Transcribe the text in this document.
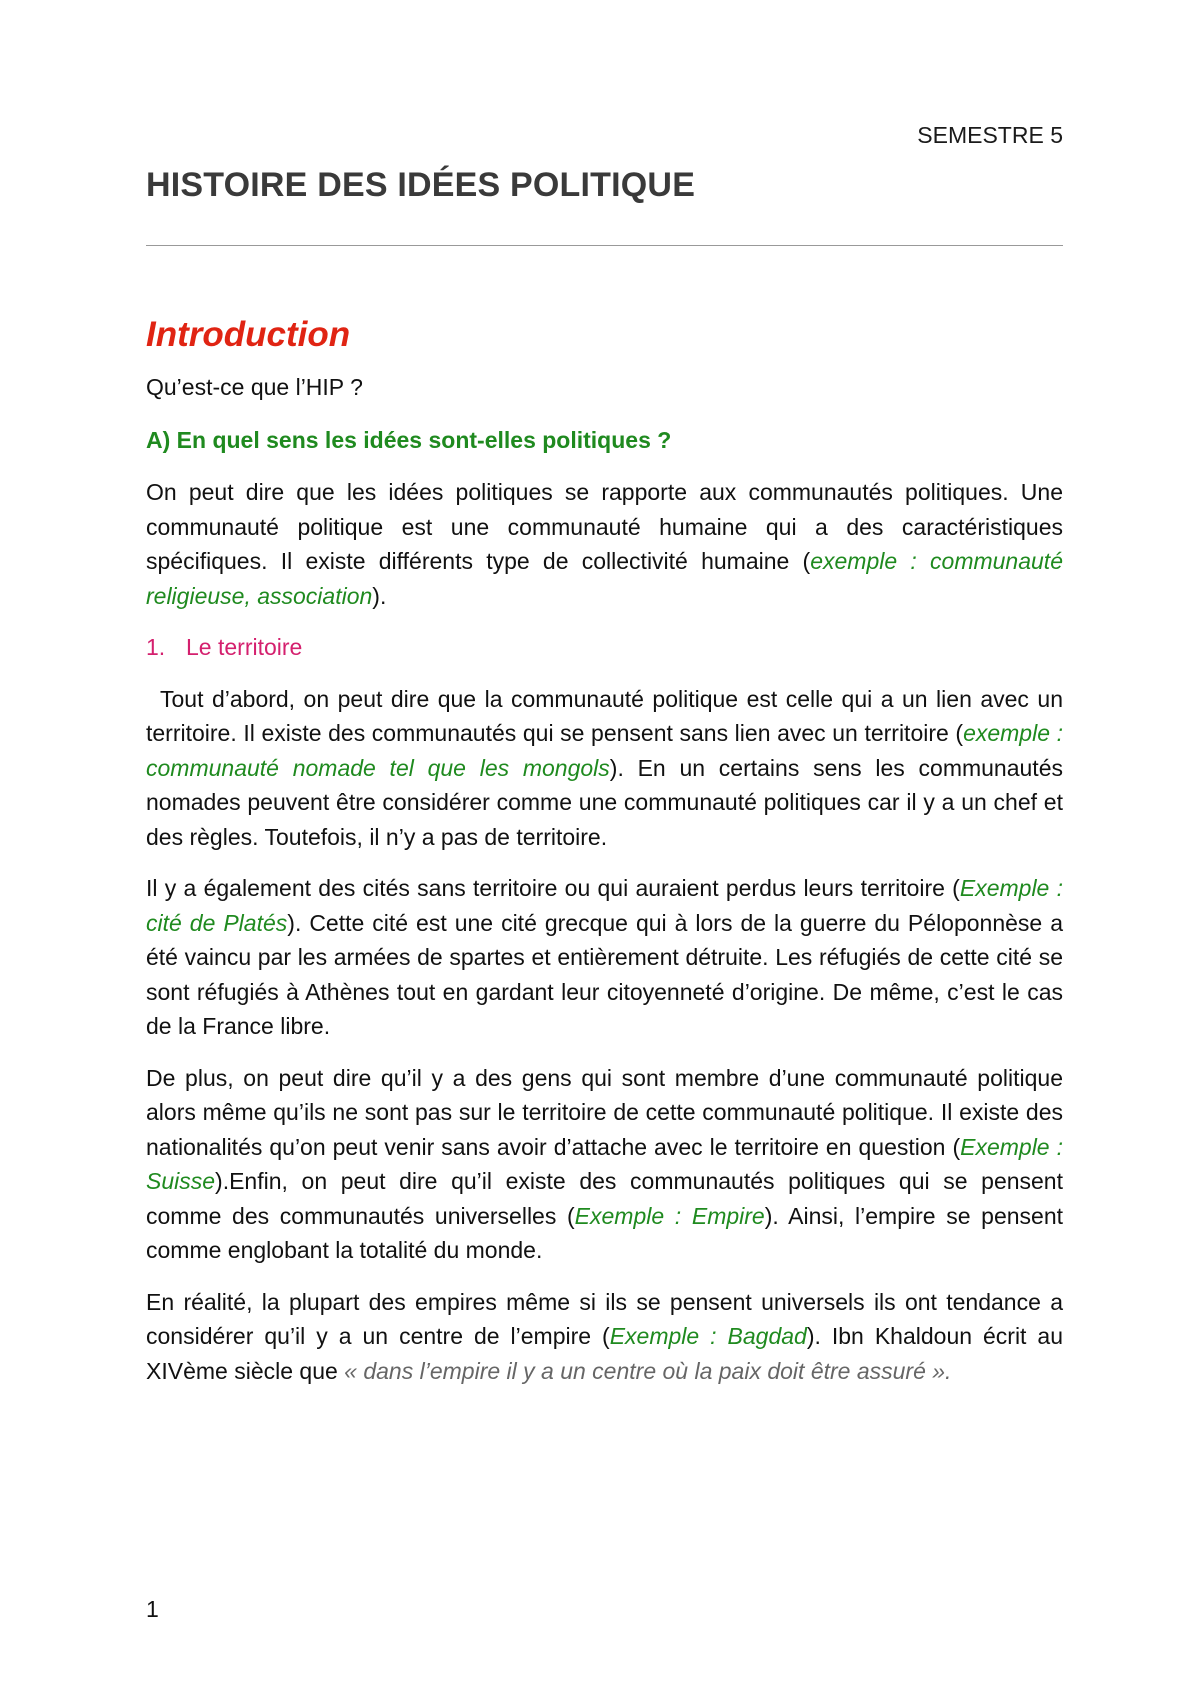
SEMESTRE 5
HISTOIRE DES IDÉES POLITIQUE
Introduction

Qu’est-ce que l’HIP ?

A) En quel sens les idées sont-elles politiques ?

On peut dire que les idées politiques se rapporte aux communautés politiques. Une communauté politique est une communauté humaine qui a des caractéristiques spécifiques. Il existe différents type de collectivité humaine (exemple : communauté religieuse, association).

1. Le territoire

Tout d’abord, on peut dire que la communauté politique est celle qui a un lien avec un territoire. Il existe des communautés qui se pensent sans lien avec un territoire (exemple : communauté nomade tel que les mongols). En un certains sens les communautés nomades peuvent être considérer comme une communauté politiques car il y a un chef et des règles. Toutefois, il n’y a pas de territoire.

Il y a également des cités sans territoire ou qui auraient perdus leurs territoire (Exemple : cité de Platés). Cette cité est une cité grecque qui à lors de la guerre du Péloponnèse a été vaincu par les armées de spartes et entièrement détruite. Les réfugiés de cette cité se sont réfugiés à Athènes tout en gardant leur citoyenneté d’origine. De même, c’est le cas de la France libre.

De plus, on peut dire qu’il y a des gens qui sont membre d’une communauté politique alors même qu’ils ne sont pas sur le territoire de cette communauté politique. Il existe des nationalités qu’on peut venir sans avoir d’attache avec le territoire en question (Exemple : Suisse).Enfin, on peut dire qu’il existe des communautés politiques qui se pensent comme des communautés universelles (Exemple : Empire). Ainsi, l’empire se pensent comme englobant la totalité du monde.

En réalité, la plupart des empires même si ils se pensent universels ils ont tendance a considérer qu’il y a un centre de l’empire (Exemple : Bagdad). Ibn Khaldoun écrit au XIVème siècle que « dans l’empire il y a un centre où la paix doit être assuré ».

1
